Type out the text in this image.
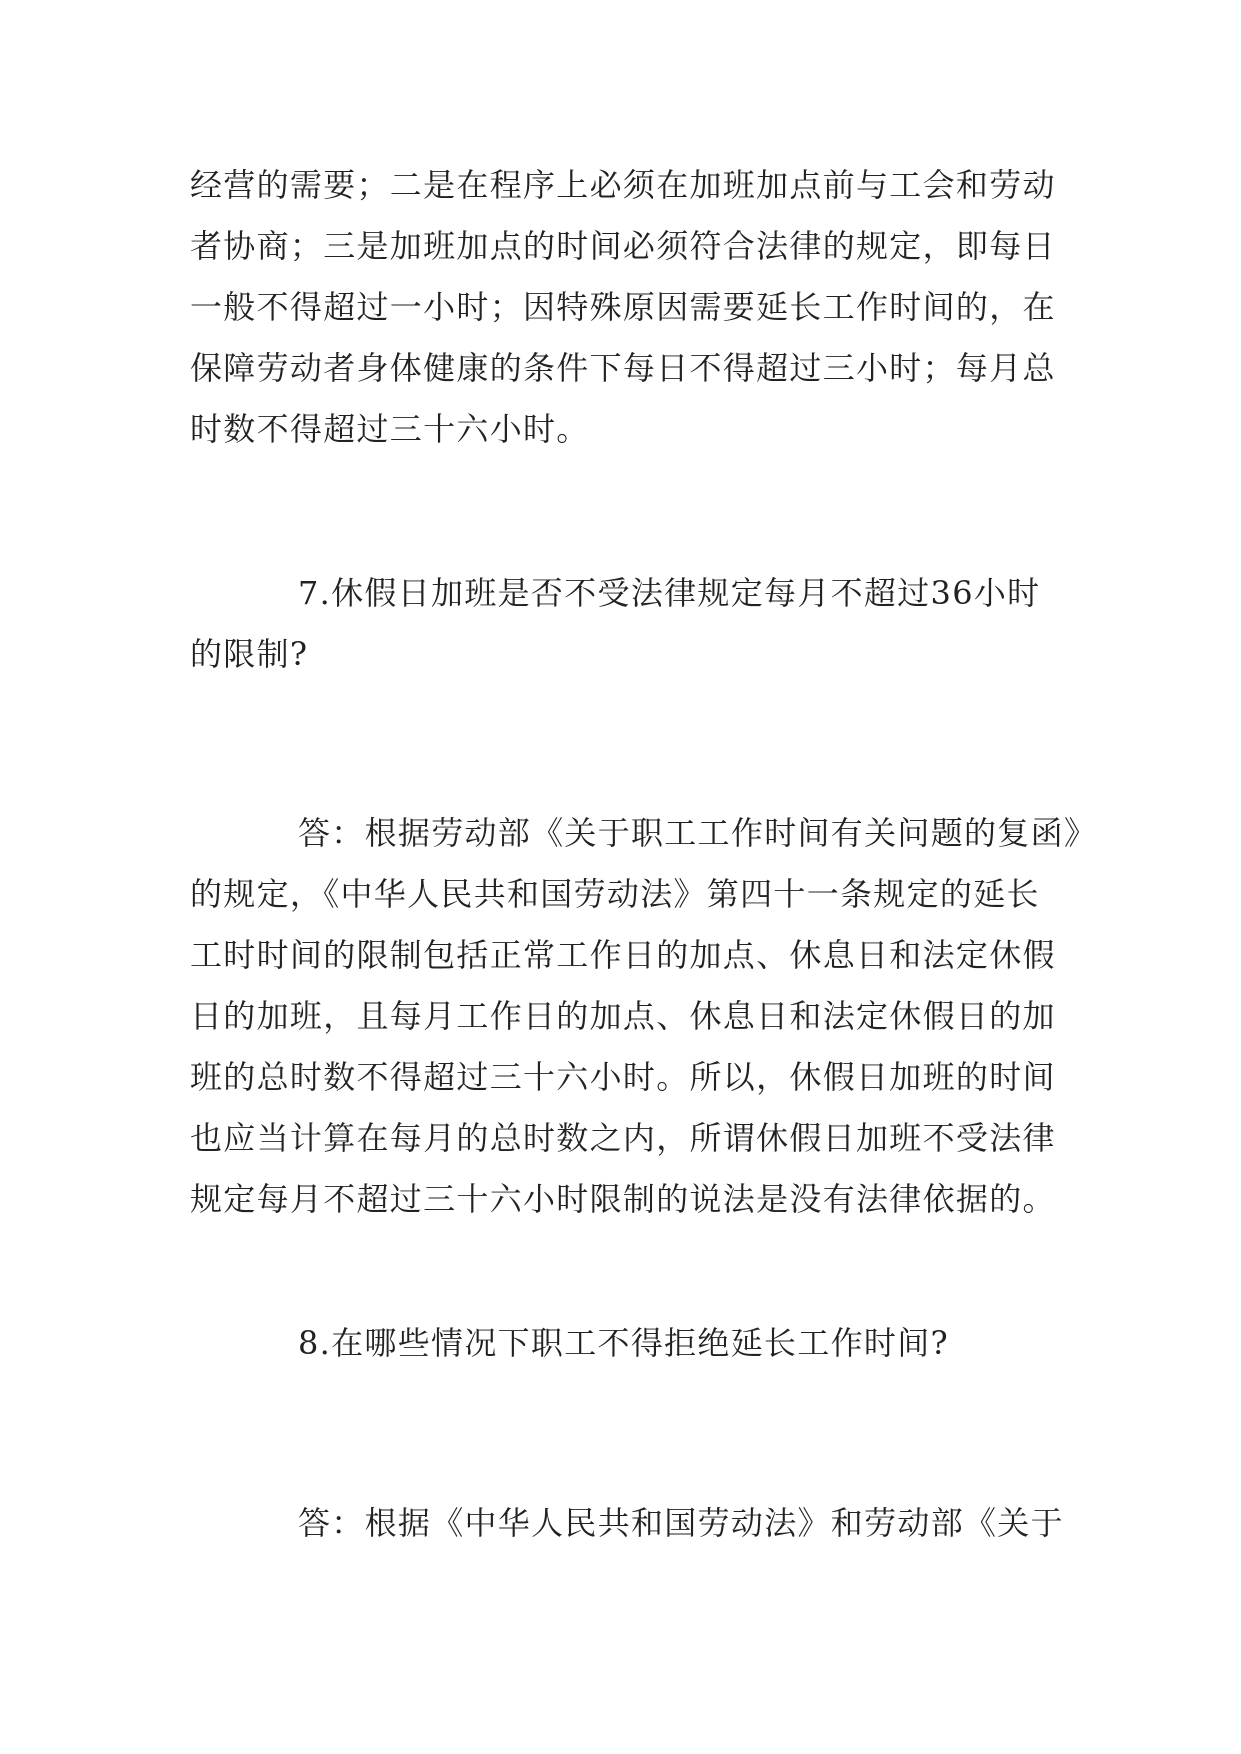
经营的需要；二是在程序上必须在加班加点前与工会和劳动
者协商；三是加班加点的时间必须符合法律的规定，即每日
一般不得超过一小时；因特殊原因需要延长工作时间的，在
保障劳动者身体健康的条件下每日不得超过三小时；每月总
时数不得超过三十六小时。
7.休假日加班是否不受法律规定每月不超过36小时
的限制?
答：根据劳动部《关于职工工作时间有关问题的复函》
的规定，《中华人民共和国劳动法》第四十一条规定的延长
工时时间的限制包括正常工作日的加点、休息日和法定休假
日的加班，且每月工作日的加点、休息日和法定休假日的加
班的总时数不得超过三十六小时。所以，休假日加班的时间
也应当计算在每月的总时数之内，所谓休假日加班不受法律
规定每月不超过三十六小时限制的说法是没有法律依据的。
8.在哪些情况下职工不得拒绝延长工作时间?
答：根据《中华人民共和国劳动法》和劳动部《关于
